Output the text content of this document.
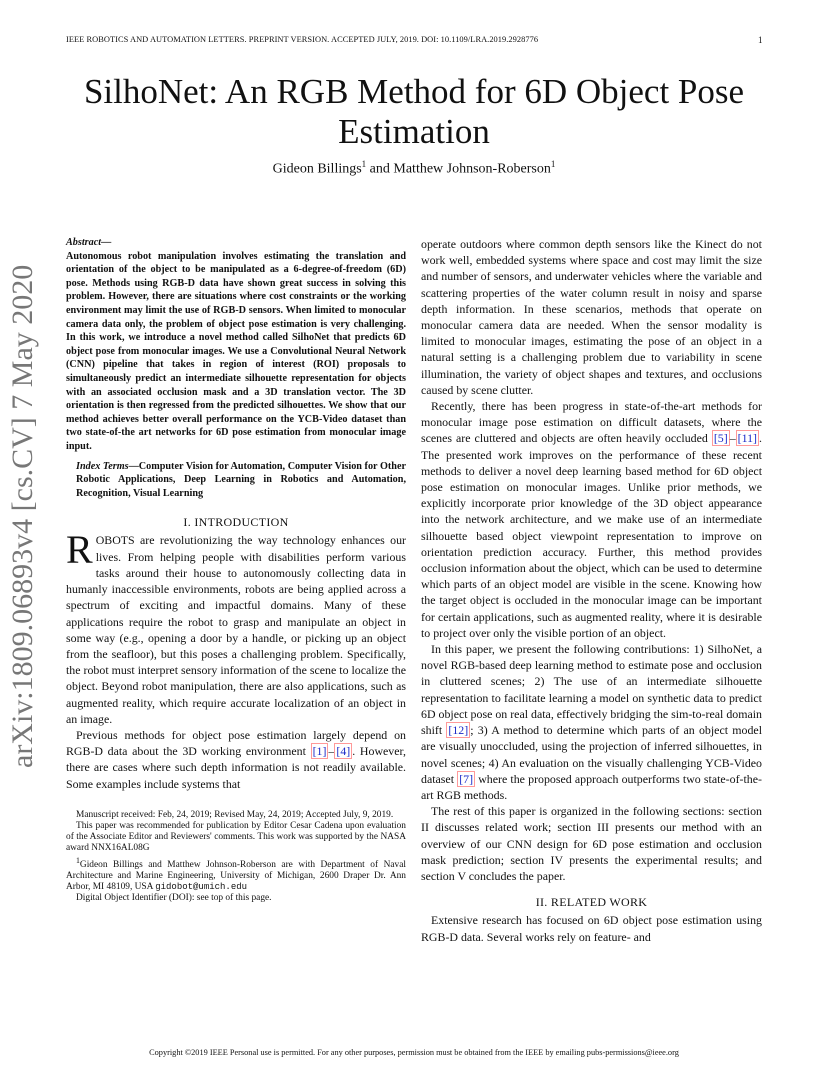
IEEE ROBOTICS AND AUTOMATION LETTERS. PREPRINT VERSION. ACCEPTED JULY, 2019. DOI: 10.1109/LRA.2019.2928776	1
SilhoNet: An RGB Method for 6D Object Pose Estimation
Gideon Billings$^1$ and Matthew Johnson-Roberson$^1$
arXiv:1809.06893v4 [cs.CV] 7 May 2020
Abstract—
Autonomous robot manipulation involves estimating the translation and orientation of the object to be manipulated as a 6-degree-of-freedom (6D) pose. Methods using RGB-D data have shown great success in solving this problem. However, there are situations where cost constraints or the working environment may limit the use of RGB-D sensors. When limited to monocular camera data only, the problem of object pose estimation is very challenging. In this work, we introduce a novel method called SilhoNet that predicts 6D object pose from monocular images. We use a Convolutional Neural Network (CNN) pipeline that takes in region of interest (ROI) proposals to simultaneously predict an intermediate silhouette representation for objects with an associated occlusion mask and a 3D translation vector. The 3D orientation is then regressed from the predicted silhouettes. We show that our method achieves better overall performance on the YCB-Video dataset than two state-of-the art networks for 6D pose estimation from monocular image input.
Index Terms—Computer Vision for Automation, Computer Vision for Other Robotic Applications, Deep Learning in Robotics and Automation, Recognition, Visual Learning
I. INTRODUCTION

ROBOTS are revolutionizing the way technology enhances our lives. From helping people with disabilities perform various tasks around their house to autonomously collecting data in humanly inaccessible environments, robots are being applied across a spectrum of exciting and impactful domains. Many of these applications require the robot to grasp and manipulate an object in some way (e.g., opening a door by a handle, or picking up an object from the seafloor), but this poses a challenging problem. Specifically, the robot must interpret sensory information of the scene to localize the object. Beyond robot manipulation, there are also applications, such as augmented reality, which require accurate localization of an object in an image.

Previous methods for object pose estimation largely depend on RGB-D data about the 3D working environment [1] – [4] . However, there are cases where such depth information is not readily available. Some examples include systems that

Manuscript received: Feb, 24, 2019; Revised May, 24, 2019; Accepted July, 9, 2019.

This paper was recommended for publication by Editor Cesar Cadena upon evaluation of the Associate Editor and Reviewers' comments. This work was supported by the NASA award NNX16AL08G

$^1$Gideon Billings and Matthew Johnson-Roberson are with Department of Naval Architecture and Marine Engineering, University of Michigan, 2600 Draper Dr. Ann Arbor, MI 48109, USA gidobot@umich.edu

Digital Object Identifier (DOI): see top of this page.

operate outdoors where common depth sensors like the Kinect do not work well, embedded systems where space and cost may limit the size and number of sensors, and underwater vehicles where the variable and scattering properties of the water column result in noisy and sparse depth information. In these scenarios, methods that operate on monocular camera data are needed. When the sensor modality is limited to monocular images, estimating the pose of an object in a natural setting is a challenging problem due to variability in scene illumination, the variety of object shapes and textures, and occlusions caused by scene clutter.

Recently, there has been progress in state-of-the-art methods for monocular image pose estimation on difficult datasets, where the scenes are cluttered and objects are often heavily occluded [5] – [11] . The presented work improves on the performance of these recent methods to deliver a novel deep learning based method for 6D object pose estimation on monocular images. Unlike prior methods, we explicitly incorporate prior knowledge of the 3D object appearance into the network architecture, and we make use of an intermediate silhouette based object viewpoint representation to improve on orientation prediction accuracy. Further, this method provides occlusion information about the object, which can be used to determine which parts of an object model are visible in the scene. Knowing how the target object is occluded in the monocular image can be important for certain applications, such as augmented reality, where it is desirable to project over only the visible portion of an object.

In this paper, we present the following contributions: 1) SilhoNet, a novel RGB-based deep learning method to estimate pose and occlusion in cluttered scenes; 2) The use of an intermediate silhouette representation to facilitate learning a model on synthetic data to predict 6D object pose on real data, effectively bridging the sim-to-real domain shift [12] ; 3) A method to determine which parts of an object model are visually unoccluded, using the projection of inferred silhouettes, in novel scenes; 4) An evaluation on the visually challenging YCB-Video dataset [7] where the proposed approach outperforms two state-of-the-art RGB methods.

The rest of this paper is organized in the following sections: section II discusses related work; section III presents our method with an overview of our CNN design for 6D pose estimation and occlusion mask prediction; section IV presents the experimental results; and section V concludes the paper.

II. RELATED WORK

Extensive research has focused on 6D object pose estimation using RGB-D data. Several works rely on feature- and

Copyright ©2019 IEEE Personal use is permitted. For any other purposes, permission must be obtained from the IEEE by emailing pubs-permissions@ieee.org
